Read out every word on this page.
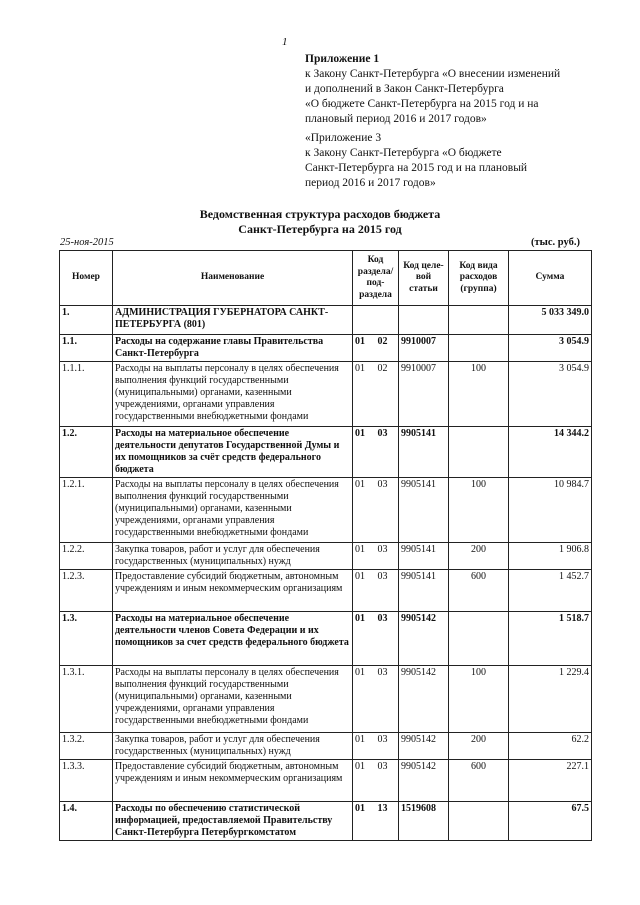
1
Приложение 1
к Закону Санкт-Петербурга «О внесении изменений
и дополнений в Закон Санкт-Петербурга
«О бюджете Санкт-Петербурга на 2015 год и на
плановый период 2016 и 2017 годов»
«Приложение 3
к Закону Санкт-Петербурга «О бюджете
Санкт-Петербурга на 2015 год и на плановый
период 2016 и 2017 годов»
Ведомственная структура расходов бюджета
Санкт-Петербурга на 2015 год
25-ноя-2015	(тыс. руб.)
Номер	Наименование	Код раздела/ под-раздела	Код целе-вой статьи	Код вида расходов (группа)	Сумма
1.	АДМИНИСТРАЦИЯ ГУБЕРНАТОРА САНКТ-ПЕТЕРБУРГА (801)				5 033 349.0
1.1.	Расходы на содержание главы Правительства Санкт-Петербурга	01 02	9910007		3 054.9
1.1.1.	Расходы на выплаты персоналу в целях обеспечения выполнения функций государственными (муниципальными) органами, казенными учреждениями, органами управления государственными внебюджетными фондами	01 02	9910007	100	3 054.9
1.2.	Расходы на материальное обеспечение деятельности депутатов Государственной Думы и их помощников за счёт средств федерального бюджета	01 03	9905141		14 344.2
1.2.1.	Расходы на выплаты персоналу в целях обеспечения выполнения функций государственными (муниципальными) органами, казенными учреждениями, органами управления государственными внебюджетными фондами	01 03	9905141	100	10 984.7
1.2.2.	Закупка товаров, работ и услуг для обеспечения государственных (муниципальных) нужд	01 03	9905141	200	1 906.8
1.2.3.	Предоставление субсидий бюджетным, автономным учреждениям и иным некоммерческим организациям	01 03	9905141	600	1 452.7
1.3.	Расходы на материальное обеспечение деятельности членов Совета Федерации и их помощников за счет средств федерального бюджета	01 03	9905142		1 518.7
1.3.1.	Расходы на выплаты персоналу в целях обеспечения выполнения функций государственными (муниципальными) органами, казенными учреждениями, органами управления государственными внебюджетными фондами	01 03	9905142	100	1 229.4
1.3.2.	Закупка товаров, работ и услуг для обеспечения государственных (муниципальных) нужд	01 03	9905142	200	62.2
1.3.3.	Предоставление субсидий бюджетным, автономным учреждениям и иным некоммерческим организациям	01 03	9905142	600	227.1
1.4.	Расходы по обеспечению статистической информацией, предоставляемой Правительству Санкт-Петербурга Петербургкомстатом	01 13	1519608		67.5
